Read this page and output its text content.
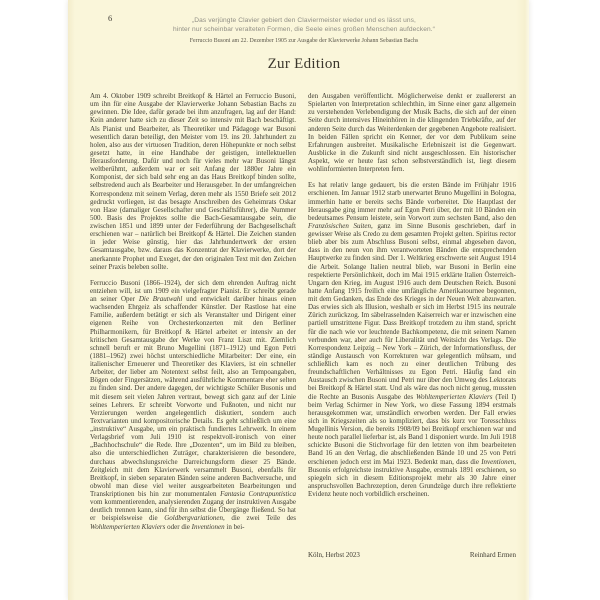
6	„Das verjüngte Clavier gebiert den Claviermeister wieder und es lässt uns,
hinter nur scheinbar veralteten Formen, die Seele eines großen Menschen aufdecken.“
Ferruccio Busoni am 22. Dezember 1905 zur Ausgabe der Klavierwerke Johann Sebastian Bachs
Zur Edition

Am 4. Oktober 1909 schreibt Breitkopf & Härtel an Ferruccio Busoni, um ihn für eine Ausgabe der Klavierwerke Johann Sebastian Bachs zu gewinnen. Die Idee, dafür gerade bei ihm anzufragen, lag auf der Hand: Kein anderer hatte sich zu dieser Zeit so intensiv mit Bach beschäftigt. Als Pianist und Bearbeiter, als Theoretiker und Pädagoge war Busoni wesentlich daran beteiligt, den Meister vom 19. ins 20. Jahrhundert zu holen, also aus der virtuosen Tradition, deren Höhepunkte er noch selbst gesetzt hatte, in eine Handhabe der geistigen, intellektuellen Herausforderung. Dafür und noch für vieles mehr war Busoni längst weltberühmt, außerdem war er seit Anfang der 1880er Jahre ein Komponist, der sich bald sehr eng an das Haus Breitkopf binden sollte, selbstredend auch als Bearbeiter und Herausgeber. In der umfangreichen Korrespondenz mit seinem Verlag, deren mehr als 1550 Briefe seit 2012 gedruckt vorliegen, ist das besagte Anschreiben des Geheimrats Oskar von Hase (damaliger Gesellschafter und Geschäftsführer), die Nummer 500. Basis des Projektes sollte die Bach-Gesamtausgabe sein, die zwischen 1851 und 1899 unter der Federführung der Bachgesellschaft erschienen war – natürlich bei Breitkopf & Härtel. Die Zeichen standen in jeder Weise günstig, hier das Jahrhundertwerk der ersten Gesamtausgabe, bzw. daraus das Konzentrat der Klavierwerke, dort der anerkannte Prophet und Exeget, der den originalen Text mit den Zeichen seiner Praxis beleben sollte.

Ferruccio Busoni (1866–1924), der sich dem ehrenden Auftrag nicht entziehen will, ist um 1909 ein vielgefragter Pianist. Er schreibt gerade an seiner Oper Die Brautwahl und entwickelt darüber hinaus einen wachsenden Ehrgeiz als schaffender Künstler. Der Rastlose hat eine Familie, außerdem betätigt er sich als Veranstalter und Dirigent einer eigenen Reihe von Orchesterkonzerten mit den Berliner Philharmonikern, für Breitkopf & Härtel arbeitet er intensiv an der kritischen Gesamtausgabe der Werke von Franz Liszt mit. Ziemlich schnell beruft er mit Bruno Mugellini (1871–1912) und Egon Petri (1881–1962) zwei höchst unterschiedliche Mitarbeiter: Der eine, ein italienischer Erneuerer und Theoretiker des Klaviers, ist ein schneller Arbeiter, der lieber am Notentext selbst feilt, also an Tempoangaben, Bögen oder Fingersätzen, während ausführliche Kommentare eher selten zu finden sind. Der andere dagegen, der wichtigste Schüler Busonis und mit diesem seit vielen Jahren vertraut, bewegt sich ganz auf der Linie seines Lehrers. Er schreibt Vorworte und Fußnoten, und nicht nur Verzierungen werden angelegentlich diskutiert, sondern auch Textvarianten und kompositorische Details. Es geht schließlich um eine „instruktive“ Ausgabe, um ein praktisch fundiertes Lehrwerk. In einem Verlagsbrief vom Juli 1910 ist respektvoll-ironisch von einer „Bachhochschule“ die Rede. Ihre „Dozenten“, um im Bild zu bleiben, also die unterschiedlichen Zuträger, charakterisieren die besondere, durchaus abwechslungsreiche Darreichungsform dieser 25 Bände. Zeitgleich mit dem Klavierwerk versammelt Busoni, ebenfalls für Breitkopf, in sieben separaten Bänden seine anderen Bachversuche, und obwohl man diese viel weiter ausgearbeiteten Bearbeitungen und Transkriptionen bis hin zur monumentalen Fantasia Contrapuntistica vom kommentierenden, analysierenden Zugang der instruktiven Ausgabe deutlich trennen kann, sind für ihn selbst die Übergänge fließend. So hat er beispielsweise die Goldbergvariationen, die zwei Teile des Wohltemperierten Klaviers oder die Inventionen in bei-

den Ausgaben veröffentlicht. Möglicherweise denkt er zuallererst an Spielarten von Interpretation schlechthin, im Sinne einer ganz allgemein zu verstehenden Verlebendigung der Musik Bachs, die sich auf der einen Seite durch intensives Hineinhören in die klingenden Triebkräfte, auf der anderen Seite durch das Weiterdenken der gegebenen Angebote realisiert. In beiden Fällen spricht ein Kenner, der vor dem Publikum seine Erfahrungen ausbreitet. Musikalische Erlebniszeit ist die Gegenwart. Ausblicke in die Zukunft sind nicht ausgeschlossen. Ein historischer Aspekt, wie er heute fast schon selbstverständlich ist, liegt diesem wohlinformierten Interpreten fern.

Es hat relativ lange gedauert, bis die ersten Bände im Frühjahr 1916 erschienen. Im Januar 1912 starb unerwartet Bruno Mugellini in Bologna, immerhin hatte er bereits sechs Bände vorbereitet. Die Hauptlast der Herausgabe ging immer mehr auf Egon Petri über, der mit 10 Bänden ein bedeutsames Pensum leistete, sein Vorwort zum sechsten Band, also den Französischen Suiten, ganz im Sinne Busonis geschrieben, darf in gewisser Weise als Credo zu dem gesamten Projekt gelten. Spiritus rector blieb aber bis zum Abschluss Busoni selbst, einmal abgesehen davon, dass in den neun von ihm verantworteten Bänden die entsprechenden Hauptwerke zu finden sind. Der 1. Weltkrieg erschwerte seit August 1914 die Arbeit. Solange Italien neutral blieb, war Busoni in Berlin eine respektierte Persönlichkeit, doch im Mai 1915 erklärte Italien Österreich-Ungarn den Krieg, im August 1916 auch dem Deutschen Reich. Busoni hatte Anfang 1915 freilich eine umfängliche Amerikatournee begonnen, mit dem Gedanken, das Ende des Krieges in der Neuen Welt abzuwarten. Das erwies sich als Illusion, weshalb er sich im Herbst 1915 ins neutrale Zürich zurückzog. Im säbelrasselnden Kaiserreich war er inzwischen eine partiell umstrittene Figur. Dass Breitkopf trotzdem zu ihm stand, spricht für die nach wie vor leuchtende Bachkompetenz, die mit seinem Namen verbunden war, aber auch für Liberalität und Weitsicht des Verlags. Die Korrespondenz Leipzig – New York – Zürich, der Informationsfluss, der ständige Austausch von Korrekturen war gelegentlich mühsam, und schließlich kam es noch zu einer deutlichen Trübung des freundschaftlichen Verhältnisses zu Egon Petri. Häufig fand ein Austausch zwischen Busoni und Petri nur über den Umweg des Lektorats bei Breitkopf & Härtel statt. Und als wäre das noch nicht genug, mussten die Rechte an Busonis Ausgabe des Wohltemperierten Klaviers (Teil I) beim Verlag Schirmer in New York, wo diese Fassung 1894 erstmals herausgekommen war, umständlich erworben werden. Der Fall erwies sich in Kriegszeiten als so kompliziert, dass bis kurz vor Toresschluss Mugellinis Version, die bereits 1908/09 bei Breitkopf erschienen war und heute noch parallel lieferbar ist, als Band 1 disponiert wurde. Im Juli 1918 schickte Busoni die Stichvorlage für den letzten von ihm bearbeiteten Band 16 an den Verlag, die abschließenden Bände 10 und 25 von Petri erschienen jedoch erst im Mai 1923. Bedenkt man, dass die Inventionen, Busonis erfolgreichste instruktive Ausgabe, erstmals 1891 erschienen, so spiegeln sich in diesem Editionsprojekt mehr als 30 Jahre einer anspruchsvollen Bachrezeption, deren Grundzüge durch ihre reflektierte Evidenz heute noch vorbildlich erscheinen.

Köln, Herbst 2023	Reinhard Ermen
